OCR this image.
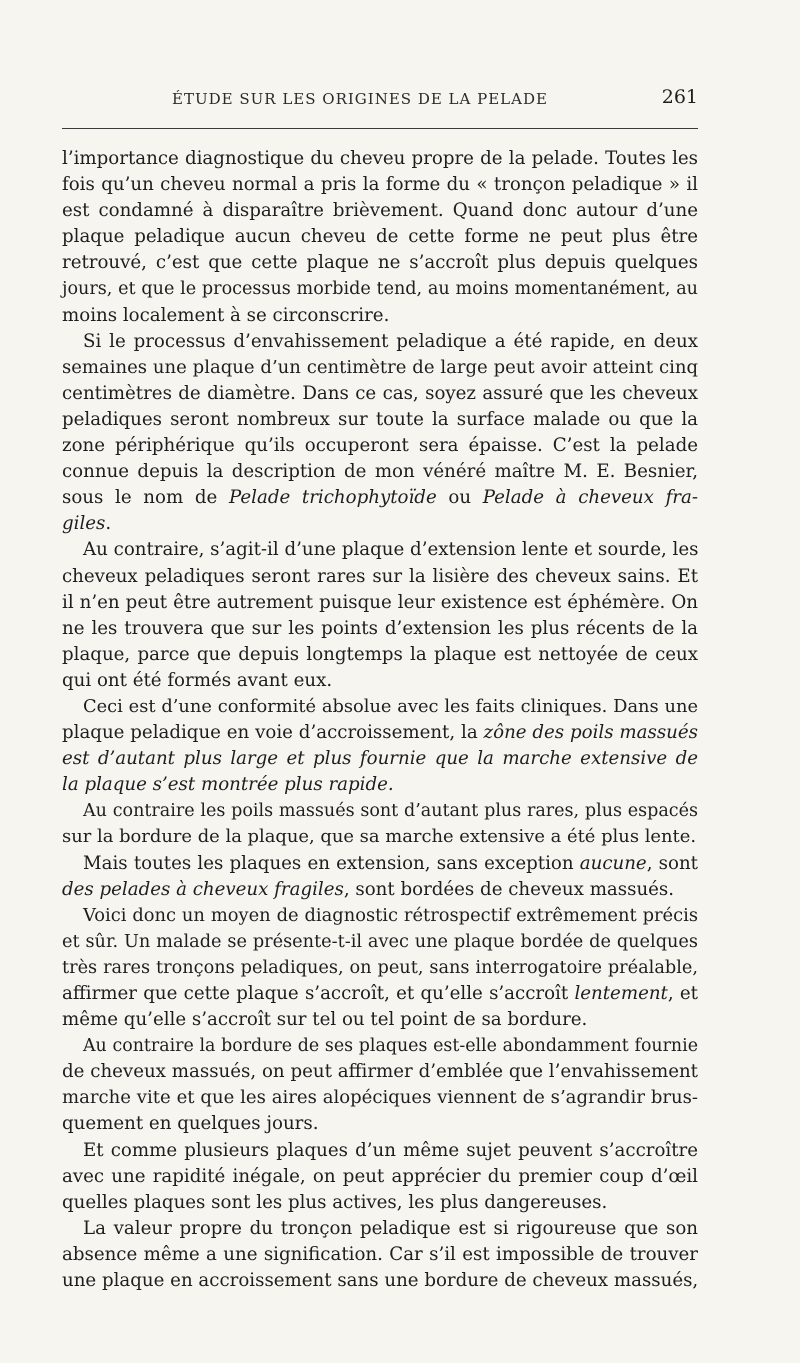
ÉTUDE SUR LES ORIGINES DE LA PELADE	261
l’importance diagnostique du cheveu propre de la pelade. Toutes les
fois qu’un cheveu normal a pris la forme du « tronçon peladique » il
est condamné à disparaître brièvement. Quand donc autour d’une
plaque peladique aucun cheveu de cette forme ne peut plus être
retrouvé, c’est que cette plaque ne s’accroît plus depuis quelques
jours, et que le processus morbide tend, au moins momentanément, au
moins localement à se circonscrire.
Si le processus d’envahissement peladique a été rapide, en deux
semaines une plaque d’un centimètre de large peut avoir atteint cinq
centimètres de diamètre. Dans ce cas, soyez assuré que les cheveux
peladiques seront nombreux sur toute la surface malade ou que la
zone périphérique qu’ils occuperont sera épaisse. C’est la pelade
connue depuis la description de mon vénéré maître M. E. Besnier,
sous le nom de Pelade trichophytoïde ou Pelade à cheveux fra-
giles.
Au contraire, s’agit-il d’une plaque d’extension lente et sourde, les
cheveux peladiques seront rares sur la lisière des cheveux sains. Et
il n’en peut être autrement puisque leur existence est éphémère. On
ne les trouvera que sur les points d’extension les plus récents de la
plaque, parce que depuis longtemps la plaque est nettoyée de ceux
qui ont été formés avant eux.
Ceci est d’une conformité absolue avec les faits cliniques. Dans une
plaque peladique en voie d’accroissement, la zône des poils massués
est d’autant plus large et plus fournie que la marche extensive de
la plaque s’est montrée plus rapide.
Au contraire les poils massués sont d’autant plus rares, plus espacés
sur la bordure de la plaque, que sa marche extensive a été plus lente.
Mais toutes les plaques en extension, sans exception aucune, sont
des pelades à cheveux fragiles, sont bordées de cheveux massués.
Voici donc un moyen de diagnostic rétrospectif extrêmement précis
et sûr. Un malade se présente-t-il avec une plaque bordée de quelques
très rares tronçons peladiques, on peut, sans interrogatoire préalable,
affirmer que cette plaque s’accroît, et qu’elle s’accroît lentement, et
même qu’elle s’accroît sur tel ou tel point de sa bordure.
Au contraire la bordure de ses plaques est-elle abondamment fournie
de cheveux massués, on peut affirmer d’emblée que l’envahissement
marche vite et que les aires alopéciques viennent de s’agrandir brus-
quement en quelques jours.
Et comme plusieurs plaques d’un même sujet peuvent s’accroître
avec une rapidité inégale, on peut apprécier du premier coup d’œil
quelles plaques sont les plus actives, les plus dangereuses.
La valeur propre du tronçon peladique est si rigoureuse que son
absence même a une signification. Car s’il est impossible de trouver
une plaque en accroissement sans une bordure de cheveux massués,
